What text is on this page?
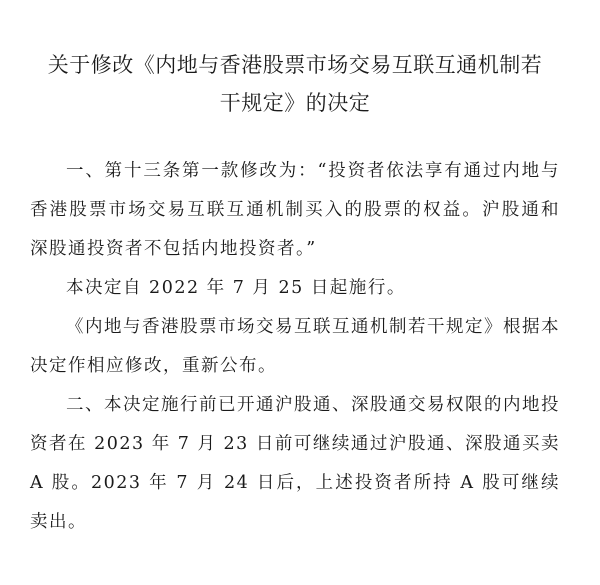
关于修改《内地与香港股票市场交易互联互通机制若
干规定》的决定

一、第十三条第一款修改为：“投资者依法享有通过内地与香港股票市场交易互联互通机制买入的股票的权益。沪股通和深股通投资者不包括内地投资者。”

本决定自 2022 年 7 月 25 日起施行。

《内地与香港股票市场交易互联互通机制若干规定》根据本决定作相应修改，重新公布。

二、本决定施行前已开通沪股通、深股通交易权限的内地投资者在 2023 年 7 月 23 日前可继续通过沪股通、深股通买卖 A 股。2023 年 7 月 24 日后，上述投资者所持 A 股可继续卖出。
